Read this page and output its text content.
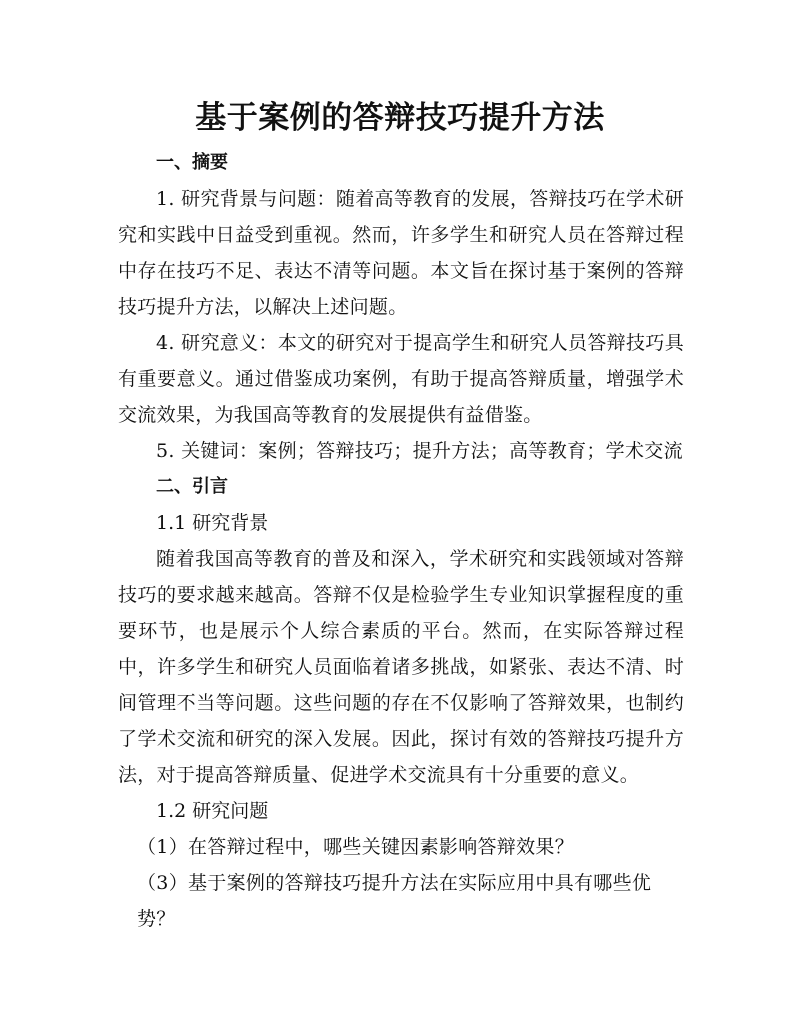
基于案例的答辩技巧提升方法

一、摘要

1. 研究背景与问题：随着高等教育的发展，答辩技巧在学术研究和实践中日益受到重视。然而，许多学生和研究人员在答辩过程中存在技巧不足、表达不清等问题。本文旨在探讨基于案例的答辩技巧提升方法，以解决上述问题。

4. 研究意义：本文的研究对于提高学生和研究人员答辩技巧具有重要意义。通过借鉴成功案例，有助于提高答辩质量，增强学术交流效果，为我国高等教育的发展提供有益借鉴。

5. 关键词：案例；答辩技巧；提升方法；高等教育；学术交流

二、引言

1.1 研究背景

随着我国高等教育的普及和深入，学术研究和实践领域对答辩技巧的要求越来越高。答辩不仅是检验学生专业知识掌握程度的重要环节，也是展示个人综合素质的平台。然而，在实际答辩过程中，许多学生和研究人员面临着诸多挑战，如紧张、表达不清、时间管理不当等问题。这些问题的存在不仅影响了答辩效果，也制约了学术交流和研究的深入发展。因此，探讨有效的答辩技巧提升方法，对于提高答辩质量、促进学术交流具有十分重要的意义。

1.2 研究问题

（1）在答辩过程中，哪些关键因素影响答辩效果？

（3）基于案例的答辩技巧提升方法在实际应用中具有哪些优势？
